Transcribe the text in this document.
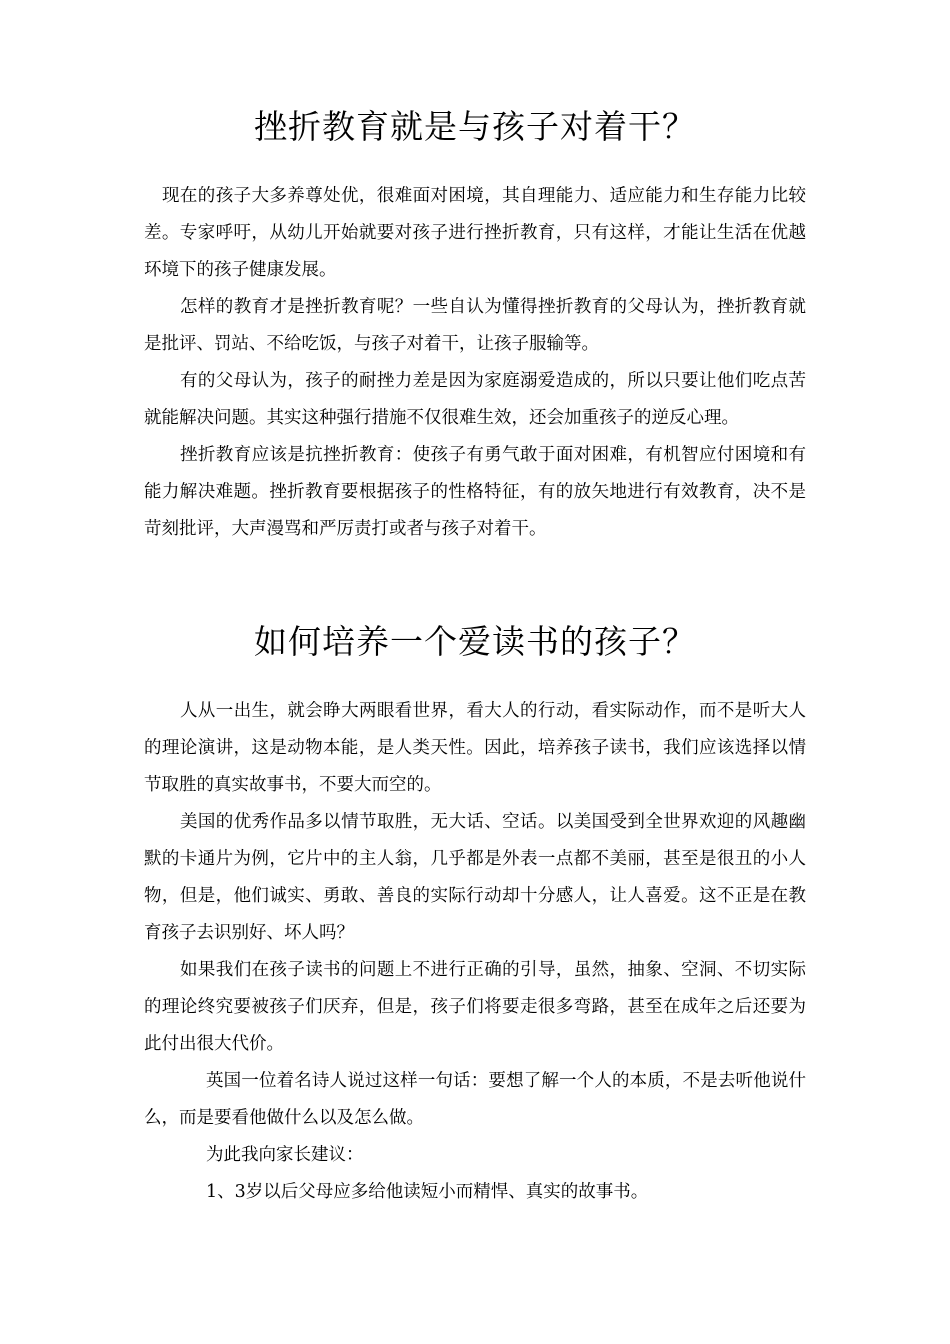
挫折教育就是与孩子对着干？

现在的孩子大多养尊处优，很难面对困境，其自理能力、适应能力和生存能力比较差。专家呼吁，从幼儿开始就要对孩子进行挫折教育，只有这样，才能让生活在优越环境下的孩子健康发展。

怎样的教育才是挫折教育呢？一些自认为懂得挫折教育的父母认为，挫折教育就是批评、罚站、不给吃饭，与孩子对着干，让孩子服输等。

有的父母认为，孩子的耐挫力差是因为家庭溺爱造成的，所以只要让他们吃点苦就能解决问题。其实这种强行措施不仅很难生效，还会加重孩子的逆反心理。

挫折教育应该是抗挫折教育：使孩子有勇气敢于面对困难，有机智应付困境和有能力解决难题。挫折教育要根据孩子的性格特征，有的放矢地进行有效教育，决不是苛刻批评，大声漫骂和严厉责打或者与孩子对着干。

如何培养一个爱读书的孩子？

人从一出生，就会睁大两眼看世界，看大人的行动，看实际动作，而不是听大人的理论演讲，这是动物本能，是人类天性。因此，培养孩子读书，我们应该选择以情节取胜的真实故事书，不要大而空的。

美国的优秀作品多以情节取胜，无大话、空话。以美国受到全世界欢迎的风趣幽默的卡通片为例，它片中的主人翁，几乎都是外表一点都不美丽，甚至是很丑的小人物，但是，他们诚实、勇敢、善良的实际行动却十分感人，让人喜爱。这不正是在教育孩子去识别好、坏人吗？

如果我们在孩子读书的问题上不进行正确的引导，虽然，抽象、空洞、不切实际的理论终究要被孩子们厌弃，但是，孩子们将要走很多弯路，甚至在成年之后还要为此付出很大代价。

英国一位着名诗人说过这样一句话：要想了解一个人的本质，不是去听他说什么，而是要看他做什么以及怎么做。

为此我向家长建议：

1、3岁以后父母应多给他读短小而精悍、真实的故事书。
